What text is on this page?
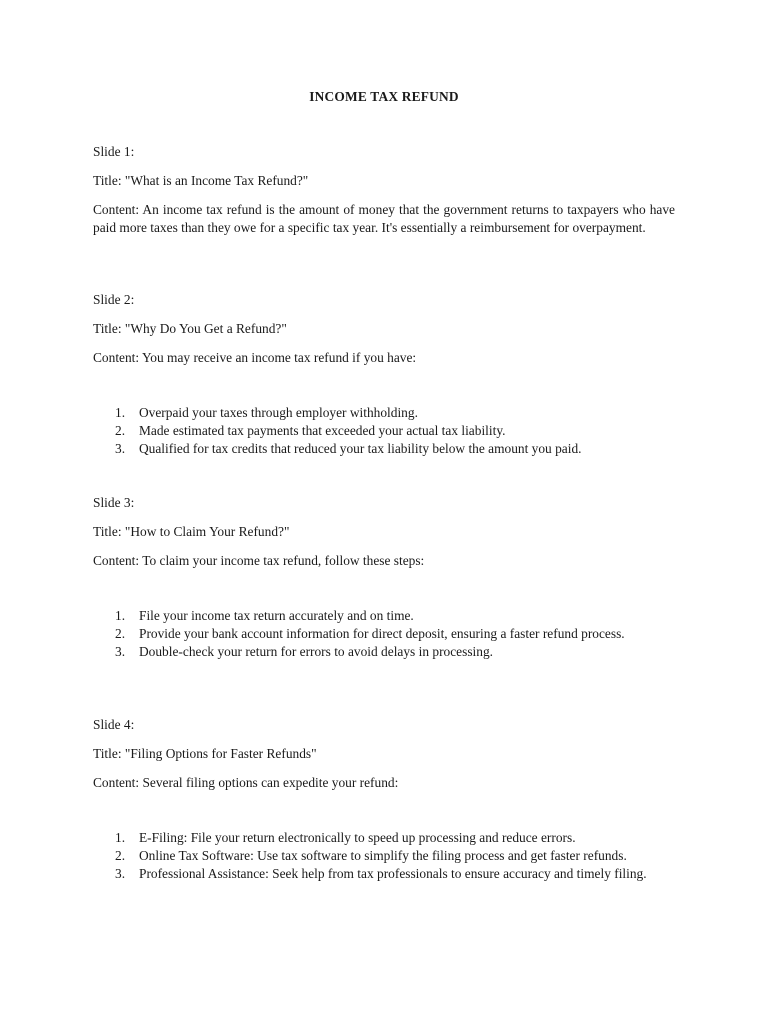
INCOME TAX REFUND

Slide 1:

Title: "What is an Income Tax Refund?"

Content: An income tax refund is the amount of money that the government returns to taxpayers who have paid more taxes than they owe for a specific tax year. It's essentially a reimbursement for overpayment.

Slide 2:

Title: "Why Do You Get a Refund?"

Content: You may receive an income tax refund if you have:

1. Overpaid your taxes through employer withholding.
2. Made estimated tax payments that exceeded your actual tax liability.
3. Qualified for tax credits that reduced your tax liability below the amount you paid.

Slide 3:

Title: "How to Claim Your Refund?"

Content: To claim your income tax refund, follow these steps:

1. File your income tax return accurately and on time.
2. Provide your bank account information for direct deposit, ensuring a faster refund process.
3. Double-check your return for errors to avoid delays in processing.

Slide 4:

Title: "Filing Options for Faster Refunds"

Content: Several filing options can expedite your refund:

1. E-Filing: File your return electronically to speed up processing and reduce errors.
2. Online Tax Software: Use tax software to simplify the filing process and get faster refunds.
3. Professional Assistance: Seek help from tax professionals to ensure accuracy and timely filing.
